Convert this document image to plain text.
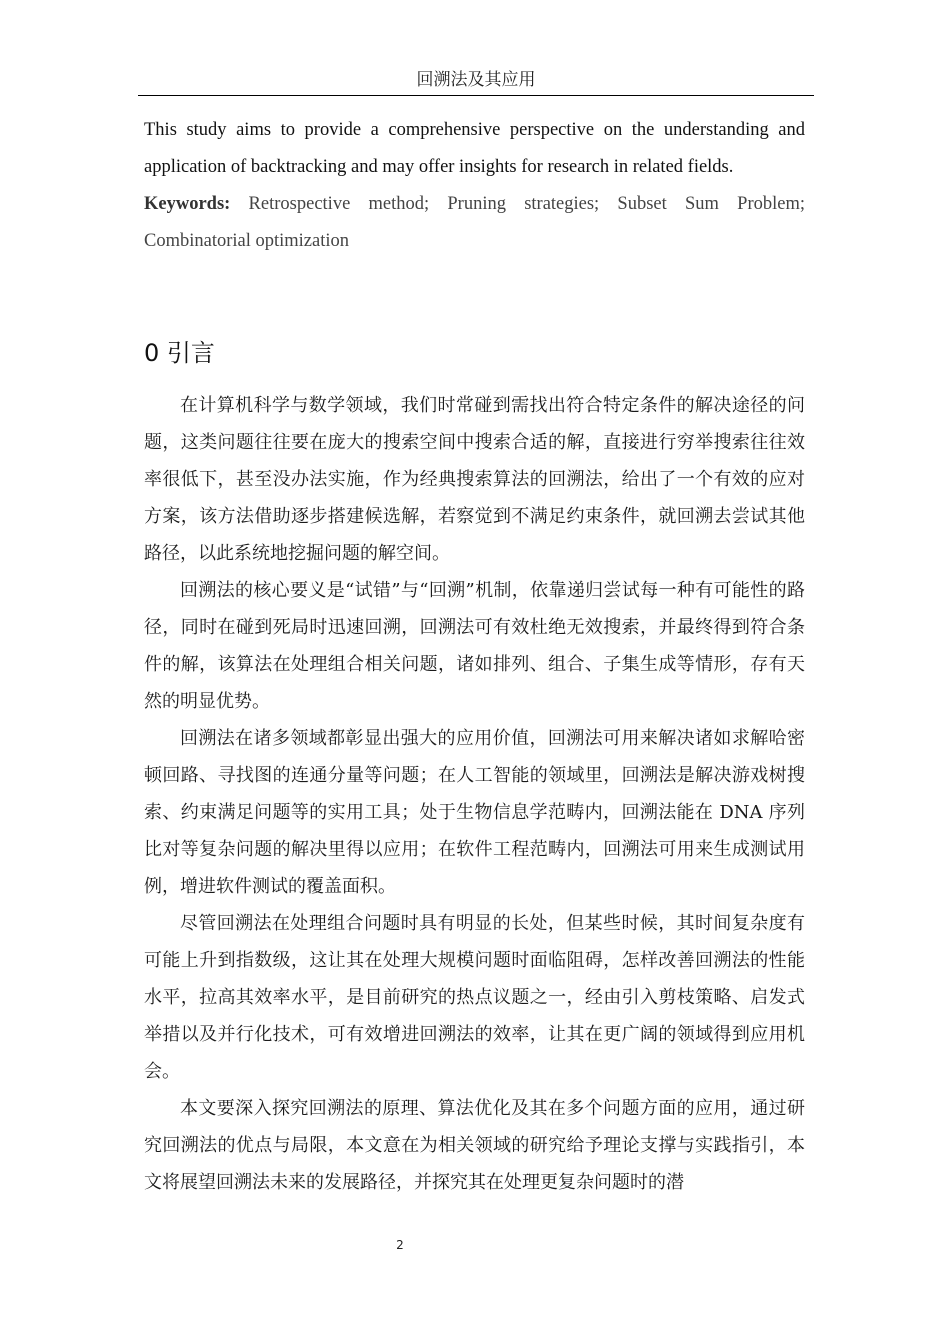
回溯法及其应用
This study aims to provide a comprehensive perspective on the understanding and application of backtracking and may offer insights for research in related fields.
Keywords: Retrospective method; Pruning strategies; Subset Sum Problem; Combinatorial optimization
0 引言

在计算机科学与数学领域，我们时常碰到需找出符合特定条件的解决途径的问题，这类问题往往要在庞大的搜索空间中搜索合适的解，直接进行穷举搜索往往效率很低下，甚至没办法实施，作为经典搜索算法的回溯法，给出了一个有效的应对方案，该方法借助逐步搭建候选解，若察觉到不满足约束条件，就回溯去尝试其他路径，以此系统地挖掘问题的解空间。

回溯法的核心要义是“试错”与“回溯”机制，依靠递归尝试每一种有可能性的路径，同时在碰到死局时迅速回溯，回溯法可有效杜绝无效搜索，并最终得到符合条件的解，该算法在处理组合相关问题，诸如排列、组合、子集生成等情形，存有天然的明显优势。

回溯法在诸多领域都彰显出强大的应用价值，回溯法可用来解决诸如求解哈密顿回路、寻找图的连通分量等问题；在人工智能的领域里，回溯法是解决游戏树搜索、约束满足问题等的实用工具；处于生物信息学范畴内，回溯法能在 DNA 序列比对等复杂问题的解决里得以应用；在软件工程范畴内，回溯法可用来生成测试用例，增进软件测试的覆盖面积。

尽管回溯法在处理组合问题时具有明显的长处，但某些时候，其时间复杂度有可能上升到指数级，这让其在处理大规模问题时面临阻碍，怎样改善回溯法的性能水平，拉高其效率水平，是目前研究的热点议题之一，经由引入剪枝策略、启发式举措以及并行化技术，可有效增进回溯法的效率，让其在更广阔的领域得到应用机会。

本文要深入探究回溯法的原理、算法优化及其在多个问题方面的应用，通过研究回溯法的优点与局限，本文意在为相关领域的研究给予理论支撑与实践指引，本文将展望回溯法未来的发展路径，并探究其在处理更复杂问题时的潜

2
